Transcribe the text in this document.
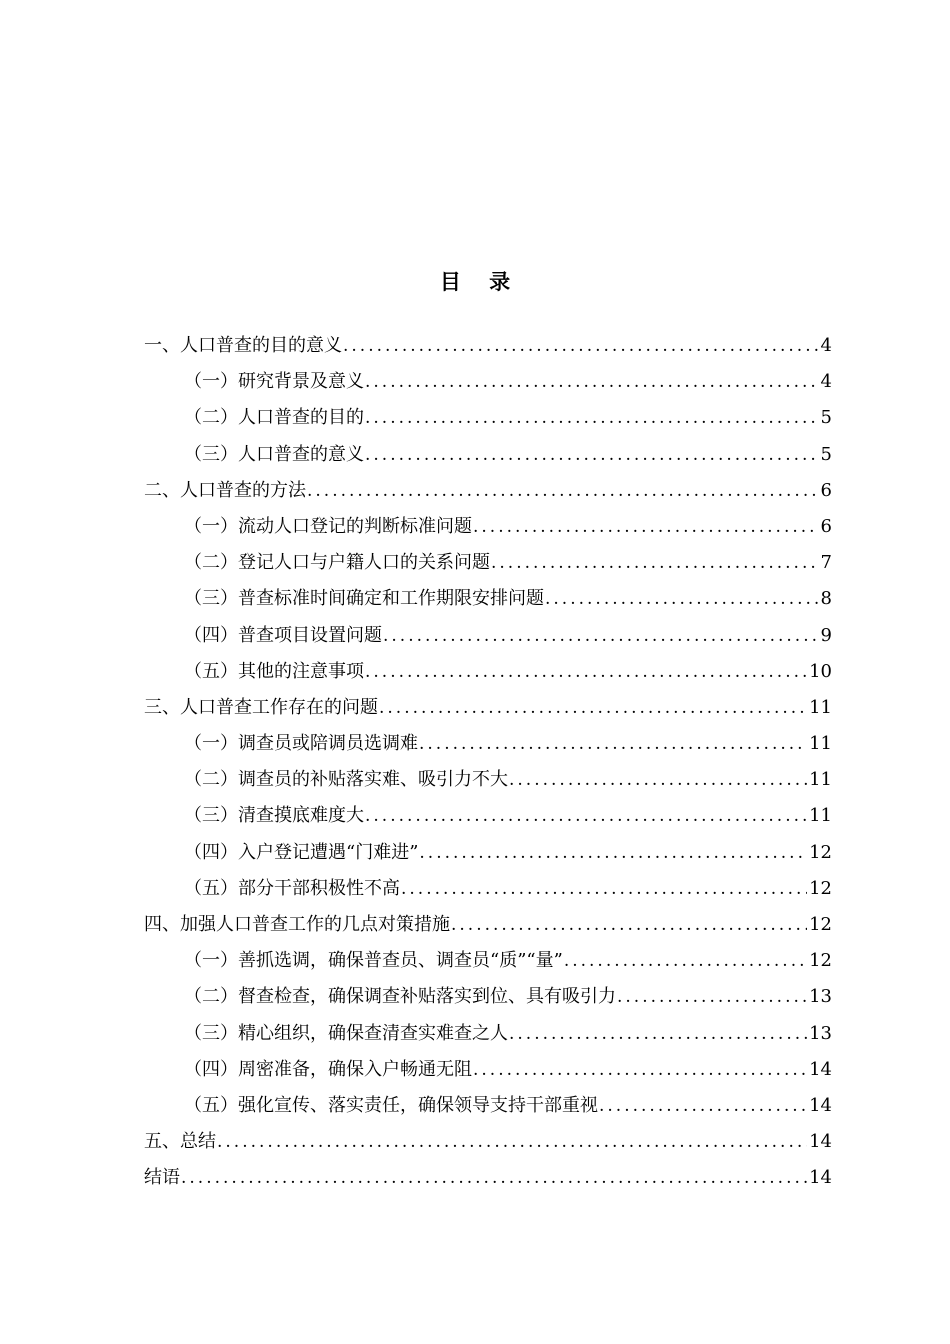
目 录
一、人口普查的目的意义 .....	4
（一）研究背景及意义 .....	4
（二）人口普查的目的 .....	5
（三）人口普查的意义 .....	5
二、人口普查的方法 .....	6
（一）流动人口登记的判断标准问题 .....	6
（二）登记人口与户籍人口的关系问题 .....	7
（三）普查标准时间确定和工作期限安排问题 .....	8
（四）普查项目设置问题 .....	9
（五）其他的注意事项 .....	10
三、人口普查工作存在的问题 .....	11
（一）调查员或陪调员选调难 .....	11
（二）调查员的补贴落实难、吸引力不大 .....	11
（三）清查摸底难度大 .....	11
（四）入户登记遭遇“门难进” .....	12
（五）部分干部积极性不高 .....	12
四、加强人口普查工作的几点对策措施 .....	12
（一）善抓选调，确保普查员、调查员“质”“量” .....	12
（二）督查检查，确保调查补贴落实到位、具有吸引力 .....	13
（三）精心组织，确保查清查实难查之人 .....	13
（四）周密准备，确保入户畅通无阻 .....	14
（五）强化宣传、落实责任，确保领导支持干部重视 .....	14
五、总结 .....	14
结语 .....	14
